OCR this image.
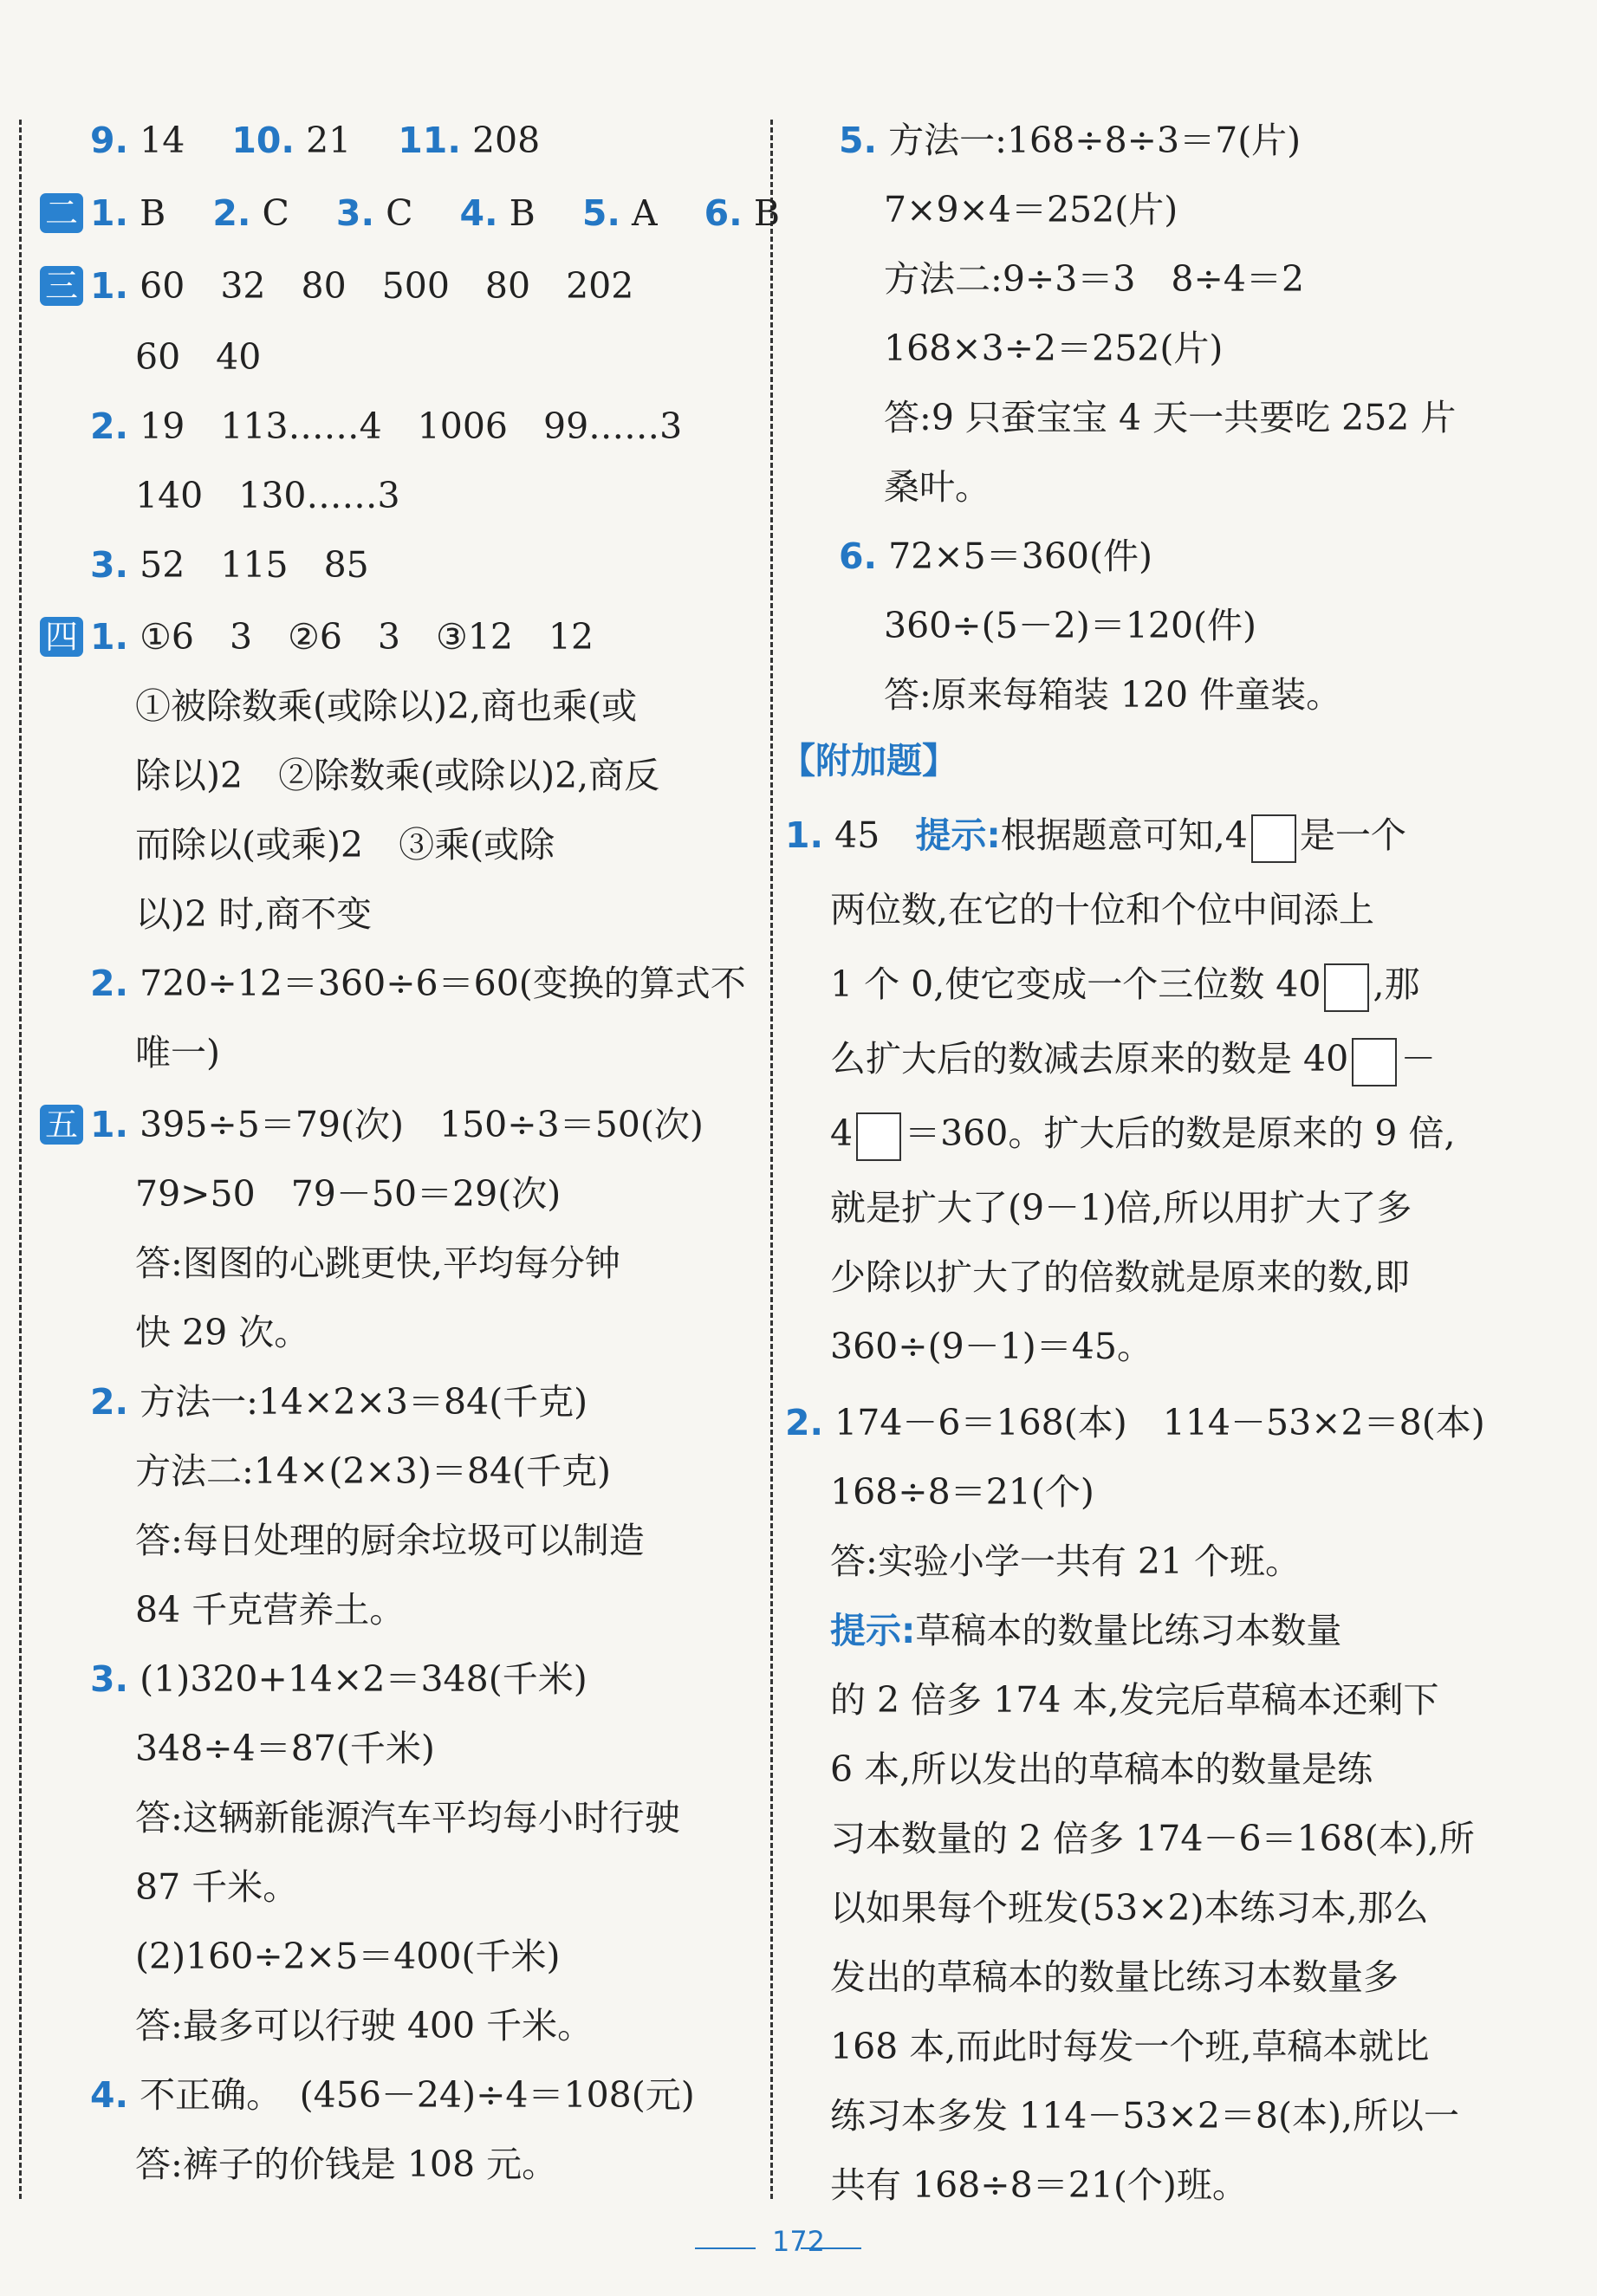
9. 14　 10. 21　 11. 208
二 1. B　 2. C　 3. C　 4. B　 5. A　 6. B
三 1. 60　32　80　500　80　202
60　40
2. 19　113……4　1006　99……3
140　130……3
3. 52　115　85
四 1. ①6　3　②6　3　③12　12
①被除数乘(或除以)2,商也乘(或
除以)2　②除数乘(或除以)2,商反
而除以(或乘)2　③乘(或除
以)2 时,商不变
2. 720÷12＝360÷6＝60(变换的算式不
唯一)
五 1. 395÷5＝79(次)　150÷3＝50(次)
79>50　79－50＝29(次)
答:图图的心跳更快,平均每分钟
快 29 次。
2. 方法一:14×2×3＝84(千克)
方法二:14×(2×3)＝84(千克)
答:每日处理的厨余垃圾可以制造
84 千克营养土。
3. (1)320+14×2＝348(千米)
348÷4＝87(千米)
答:这辆新能源汽车平均每小时行驶
87 千米。
(2)160÷2×5＝400(千米)
答:最多可以行驶 400 千米。
4. 不正确。　(456－24)÷4＝108(元)
答:裤子的价钱是 108 元。
5. 方法一:168÷8÷3＝7(片)
7×9×4＝252(片)
方法二:9÷3＝3　8÷4＝2
168×3÷2＝252(片)
答:9 只蚕宝宝 4 天一共要吃 252 片
桑叶。
6. 72×5＝360(件)
360÷(5－2)＝120(件)
答:原来每箱装 120 件童装。
【附加题】
1. 45　 提示:根据题意可知,4 是一个
两位数,在它的十位和个位中间添上
1 个 0,使它变成一个三位数 40 ,那
么扩大后的数减去原来的数是 40 －
4 ＝360。扩大后的数是原来的 9 倍,
就是扩大了(9－1)倍,所以用扩大了多
少除以扩大了的倍数就是原来的数,即
360÷(9－1)＝45。
2. 174－6＝168(本)　114－53×2＝8(本)
168÷8＝21(个)
答:实验小学一共有 21 个班。
提示:草稿本的数量比练习本数量
的 2 倍多 174 本,发完后草稿本还剩下
6 本,所以发出的草稿本的数量是练
习本数量的 2 倍多 174－6＝168(本),所
以如果每个班发(53×2)本练习本,那么
发出的草稿本的数量比练习本数量多
168 本,而此时每发一个班,草稿本就比
练习本多发 114－53×2＝8(本),所以一
共有 168÷8＝21(个)班。
172
